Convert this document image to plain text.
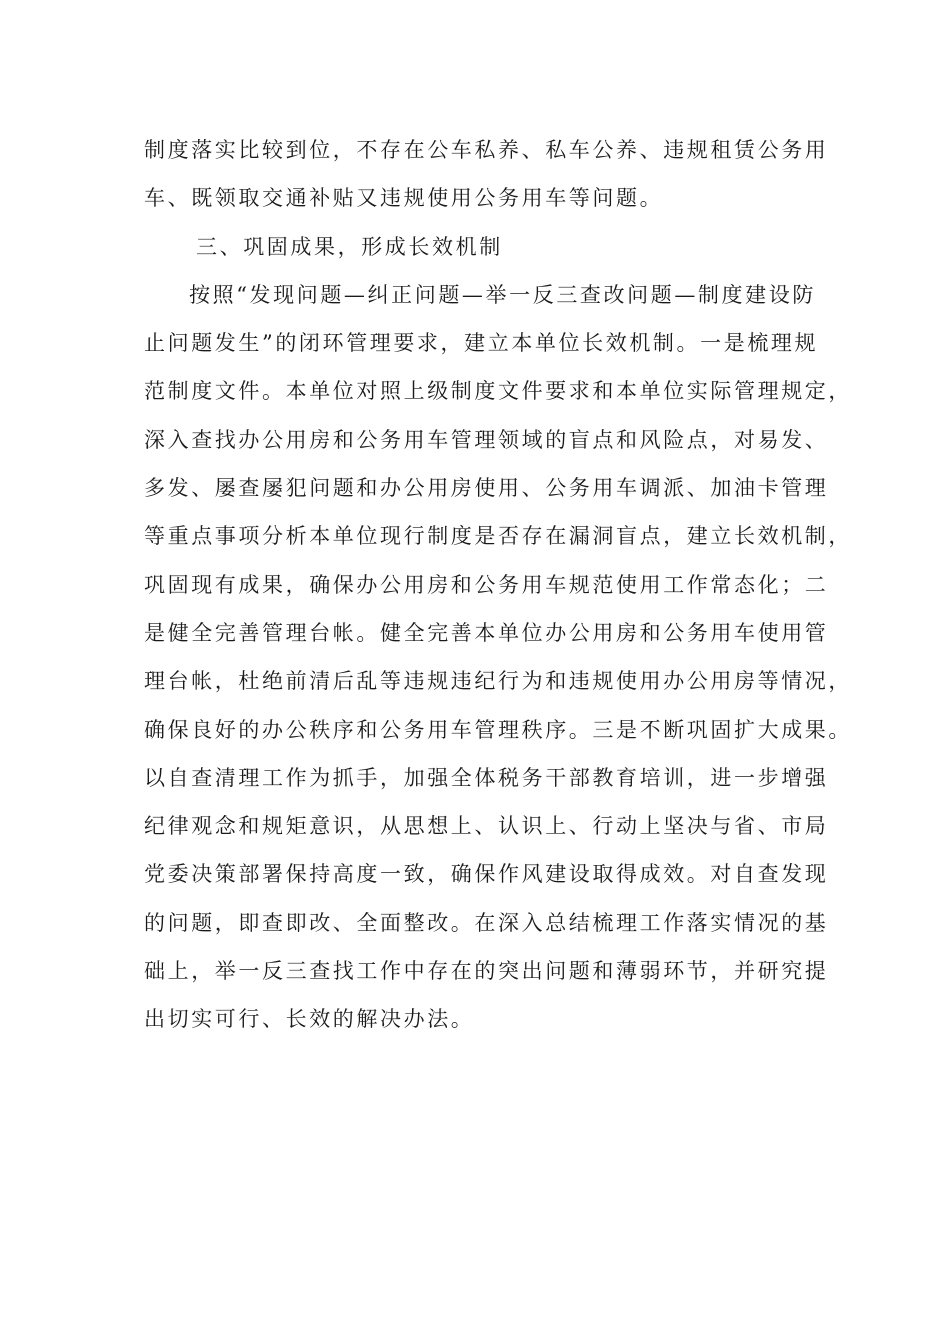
制度落实比较到位，不存在公车私养、私车公养、违规租赁公务用
车、既领取交通补贴又违规使用公务用车等问题。
三、巩固成果，形成长效机制
按照“发现问题—纠正问题—举一反三查改问题—制度建设防
止问题发生”的闭环管理要求，建立本单位长效机制。一是梳理规
范制度文件。本单位对照上级制度文件要求和本单位实际管理规定，
深入查找办公用房和公务用车管理领域的盲点和风险点，对易发、
多发、屡查屡犯问题和办公用房使用、公务用车调派、加油卡管理
等重点事项分析本单位现行制度是否存在漏洞盲点，建立长效机制，
巩固现有成果，确保办公用房和公务用车规范使用工作常态化；二
是健全完善管理台帐。健全完善本单位办公用房和公务用车使用管
理台帐，杜绝前清后乱等违规违纪行为和违规使用办公用房等情况，
确保良好的办公秩序和公务用车管理秩序。三是不断巩固扩大成果。
以自查清理工作为抓手，加强全体税务干部教育培训，进一步增强
纪律观念和规矩意识，从思想上、认识上、行动上坚决与省、市局
党委决策部署保持高度一致，确保作风建设取得成效。对自查发现
的问题，即查即改、全面整改。在深入总结梳理工作落实情况的基
础上，举一反三查找工作中存在的突出问题和薄弱环节，并研究提
出切实可行、长效的解决办法。
